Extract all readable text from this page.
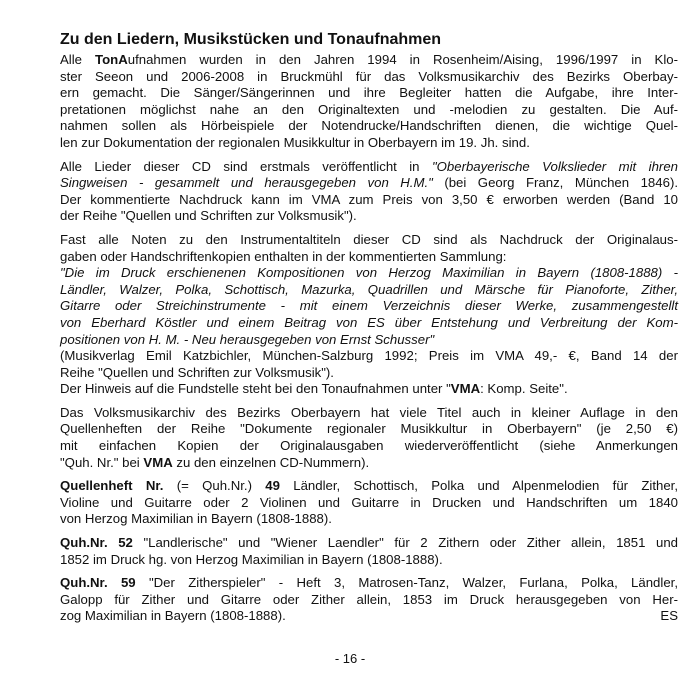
Zu den Liedern, Musikstücken und Tonaufnahmen

Alle TonAufnahmen wurden in den Jahren 1994 in Rosenheim/Aising, 1996/1997 in Klo-
ster Seeon und 2006-2008 in Bruckmühl für das Volksmusikarchiv des Bezirks Oberbay-
ern gemacht. Die Sänger/Sängerinnen und ihre Begleiter hatten die Aufgabe, ihre Inter-
pretationen möglichst nahe an den Originaltexten und -melodien zu gestalten. Die Auf-
nahmen sollen als Hörbeispiele der Notendrucke/Handschriften dienen, die wichtige Quel-
len zur Dokumentation der regionalen Musikkultur in Oberbayern im 19. Jh. sind.

Alle Lieder dieser CD sind erstmals veröffentlicht in "Oberbayerische Volkslieder mit ihren
Singweisen - gesammelt und herausgegeben von H.M." (bei Georg Franz, München 1846).
Der kommentierte Nachdruck kann im VMA zum Preis von 3,50 € erworben werden (Band 10
der Reihe "Quellen und Schriften zur Volksmusik").

Fast alle Noten zu den Instrumentaltiteln dieser CD sind als Nachdruck der Originalaus-
gaben oder Handschriftenkopien enthalten in der kommentierten Sammlung:
"Die im Druck erschienenen Kompositionen von Herzog Maximilian in Bayern (1808-1888) -
Ländler, Walzer, Polka, Schottisch, Mazurka, Quadrillen und Märsche für Pianoforte, Zither,
Gitarre oder Streichinstrumente - mit einem Verzeichnis dieser Werke, zusammengestellt
von Eberhard Köstler und einem Beitrag von ES über Entstehung und Verbreitung der Kom-
positionen von H. M. - Neu herausgegeben von Ernst Schusser"
(Musikverlag Emil Katzbichler, München-Salzburg 1992; Preis im VMA 49,- €, Band 14 der
Reihe "Quellen und Schriften zur Volksmusik").
Der Hinweis auf die Fundstelle steht bei den Tonaufnahmen unter "VMA: Komp. Seite".

Das Volksmusikarchiv des Bezirks Oberbayern hat viele Titel auch in kleiner Auflage in den
Quellenheften der Reihe "Dokumente regionaler Musikkultur in Oberbayern" (je 2,50 €)
mit einfachen Kopien der Originalausgaben wiederveröffentlicht (siehe Anmerkungen
"Quh. Nr." bei VMA zu den einzelnen CD-Nummern).

Quellenheft Nr. (= Quh.Nr.) 49 Ländler, Schottisch, Polka und Alpenmelodien für Zither,
Violine und Guitarre oder 2 Violinen und Guitarre in Drucken und Handschriften um 1840
von Herzog Maximilian in Bayern (1808-1888).

Quh.Nr. 52 "Landlerische" und "Wiener Laendler" für 2 Zithern oder Zither allein, 1851 und
1852 im Druck hg. von Herzog Maximilian in Bayern (1808-1888).

Quh.Nr. 59 "Der Zitherspieler" - Heft 3, Matrosen-Tanz, Walzer, Furlana, Polka, Ländler,
Galopp für Zither und Gitarre oder Zither allein, 1853 im Druck herausgegeben von Her-
zog Maximilian in Bayern (1808-1888).	ES

- 16 -
